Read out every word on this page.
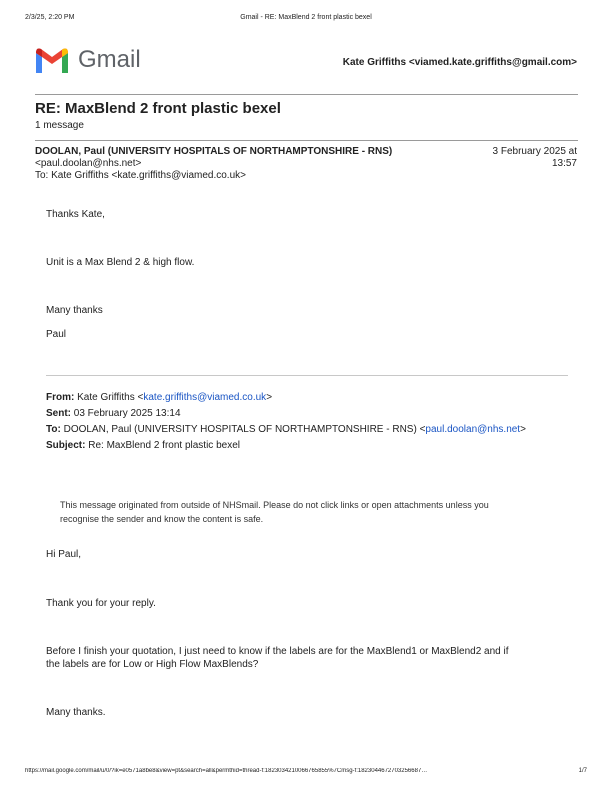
2/3/25, 2:20 PM	Gmail - RE: MaxBlend 2 front plastic bexel
Gmail	Kate Griffiths <viamed.kate.griffiths@gmail.com>
RE: MaxBlend 2 front plastic bexel
1 message
DOOLAN, Paul (UNIVERSITY HOSPITALS OF NORTHAMPTONSHIRE - RNS)
<paul.doolan@nhs.net>
To: Kate Griffiths <kate.griffiths@viamed.co.uk>
3 February 2025 at
13:57
Thanks Kate,
Unit is a Max Blend 2 & high flow.
Many thanks
Paul
From: Kate Griffiths <kate.griffiths@viamed.co.uk>
Sent: 03 February 2025 13:14
To: DOOLAN, Paul (UNIVERSITY HOSPITALS OF NORTHAMPTONSHIRE - RNS) <paul.doolan@nhs.net>
Subject: Re: MaxBlend 2 front plastic bexel
This message originated from outside of NHSmail. Please do not click links or open attachments unless you
recognise the sender and know the content is safe.
Hi Paul,
Thank you for your reply.
Before I finish your quotation, I just need to know if the labels are for the MaxBlend1 or MaxBlend2 and if
the labels are for Low or High Flow MaxBlends?
Many thanks.
https://mail.google.com/mail/u/0/?ik=e0571a8be8&view=pt&search=all&permthid=thread-f:1823034210066765855%7Cmsg-f:1823044672703256687…	1/7
